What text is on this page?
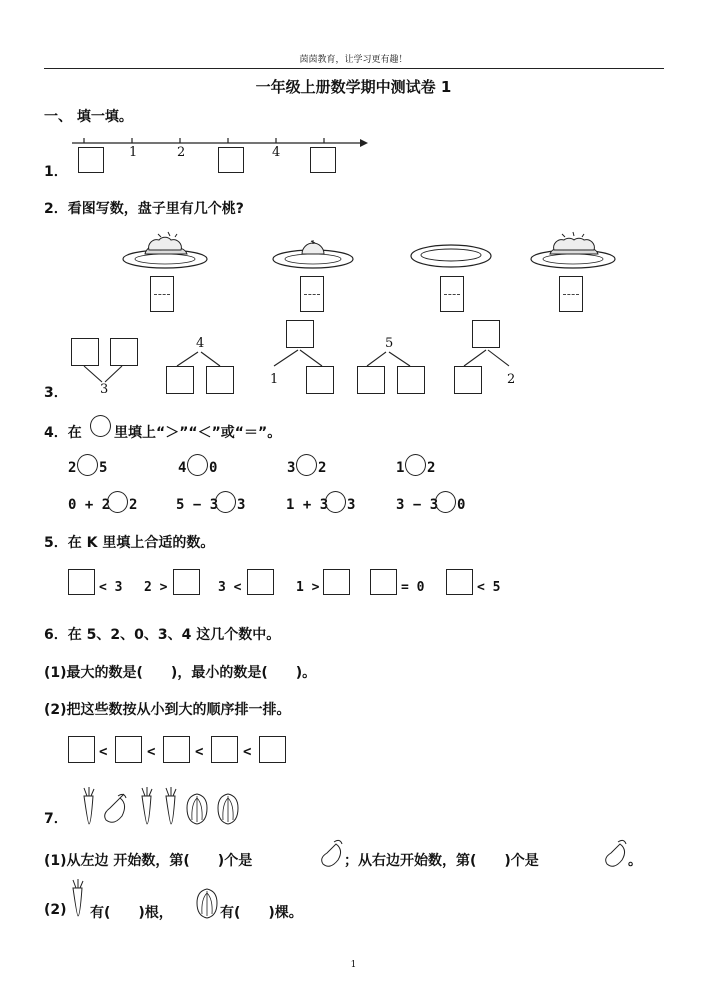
茵茵教育，让学习更有趣！
一年级上册数学期中测试卷 1
一、 填一填。
1．
1	2	4
2．看图写数，盘子里有几个桃?
3． 3
4
1
5
2
4．在 里填上“＞”“＜”或“＝”。
2 5	4 0	3 2	1 2
0 + 2 2	5 − 3 3	1 + 3 3	3 − 3 0
5．在 K 里填上合适的数。
< 3 2 >	3 <	1 >	= 0	< 5
6．在 5、2、0、3、4 这几个数中。
(1)最大的数是(　　)，最小的数是(　　)。
(2)把这些数按从小到大的顺序排一排。
<	<	<	<
7．
(1)从左边 开始数，第(　　)个是	；从右边开始数，第(　　)个是	。
(2) 有(　　)根，	有(　　)棵。
1
